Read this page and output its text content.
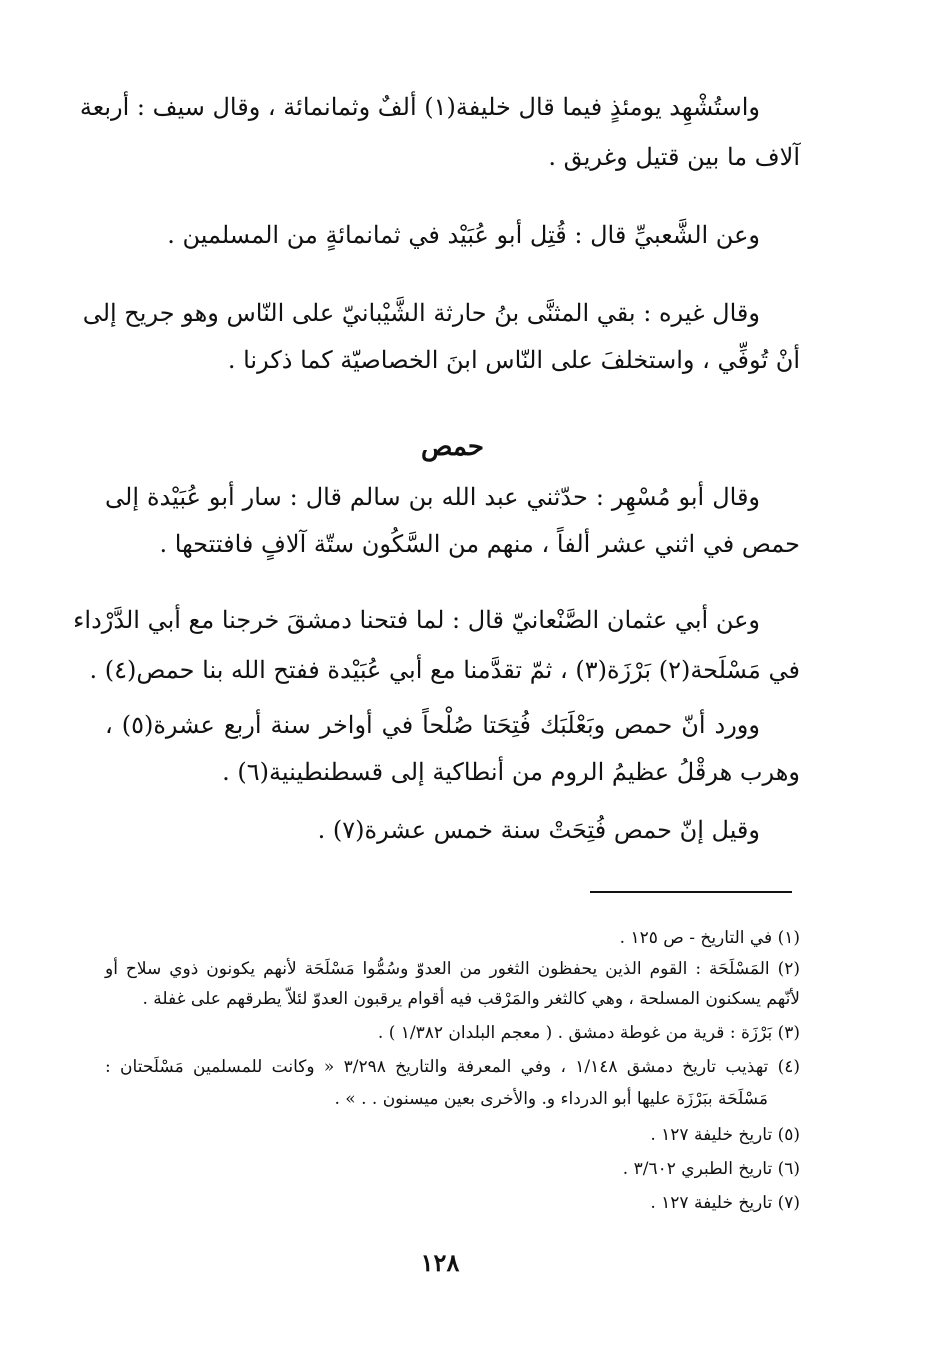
واستُشْهِد يومئذٍ فيما قال خليفة(١) ألفٌ وثمانمائة ، وقال سيف : أربعة
آلاف ما بين قتيل وغريق .
وعن الشَّعبيِّ قال : قُتِل أبو عُبَيْد في ثمانمائةٍ من المسلمين .
وقال غيره : بقي المثنَّى بنُ حارثة الشَّيْبانيّ على النّاس وهو جريح إلى
أنْ تُوفِّي ، واستخلفَ على النّاس ابنَ الخصاصيّة كما ذكرنا .
حمص
وقال أبو مُسْهِر : حدّثني عبد الله بن سالم قال : سار أبو عُبَيْدة إلى
حمص في اثني عشر ألفاً ، منهم من السَّكُون ستّة آلافٍ فافتتحها .
وعن أبي عثمان الصَّنْعانيّ قال : لما فتحنا دمشقَ خرجنا مع أبي الدَّرْداء
في مَسْلَحة(٢) بَرْزَة(٣) ، ثمّ تقدَّمنا مع أبي عُبَيْدة ففتح الله بنا حمص(٤) .
وورد أنّ حمص وبَعْلَبَك فُتِحَتا صُلْحاً في أواخر سنة أربع عشرة(٥) ،
وهرب هرقْلُ عظيمُ الروم من أنطاكية إلى قسطنطينية(٦) .
وقيل إنّ حمص فُتِحَتْ سنة خمس عشرة(٧) .
(١) في التاريخ - ص ١٢٥ .
(٢) المَسْلَحَة : القوم الذين يحفظون الثغور من العدوّ وسُمُّوا مَسْلَحَة لأنهم يكونون ذوي سلاح أو
لأنّهم يسكنون المسلحة ، وهي كالثغر والمَرْقب فيه أقوام يرقبون العدوّ لئلاّ يطرقهم على غفلة .
(٣) بَرْزَة : قرية من غوطة دمشق . ( معجم البلدان ١/٣٨٢ ) .
(٤) تهذيب تاريخ دمشق ١/١٤٨ ، وفي المعرفة والتاريخ ٣/٢٩٨ « وكانت للمسلمين مَسْلَحتان :
مَسْلَحَة ببَرْزَة عليها أبو الدرداء و. والأخرى بعين ميسنون . . » .
(٥) تاريخ خليفة ١٢٧ .
(٦) تاريخ الطبري ٣/٦٠٢ .
(٧) تاريخ خليفة ١٢٧ .
١٢٨
